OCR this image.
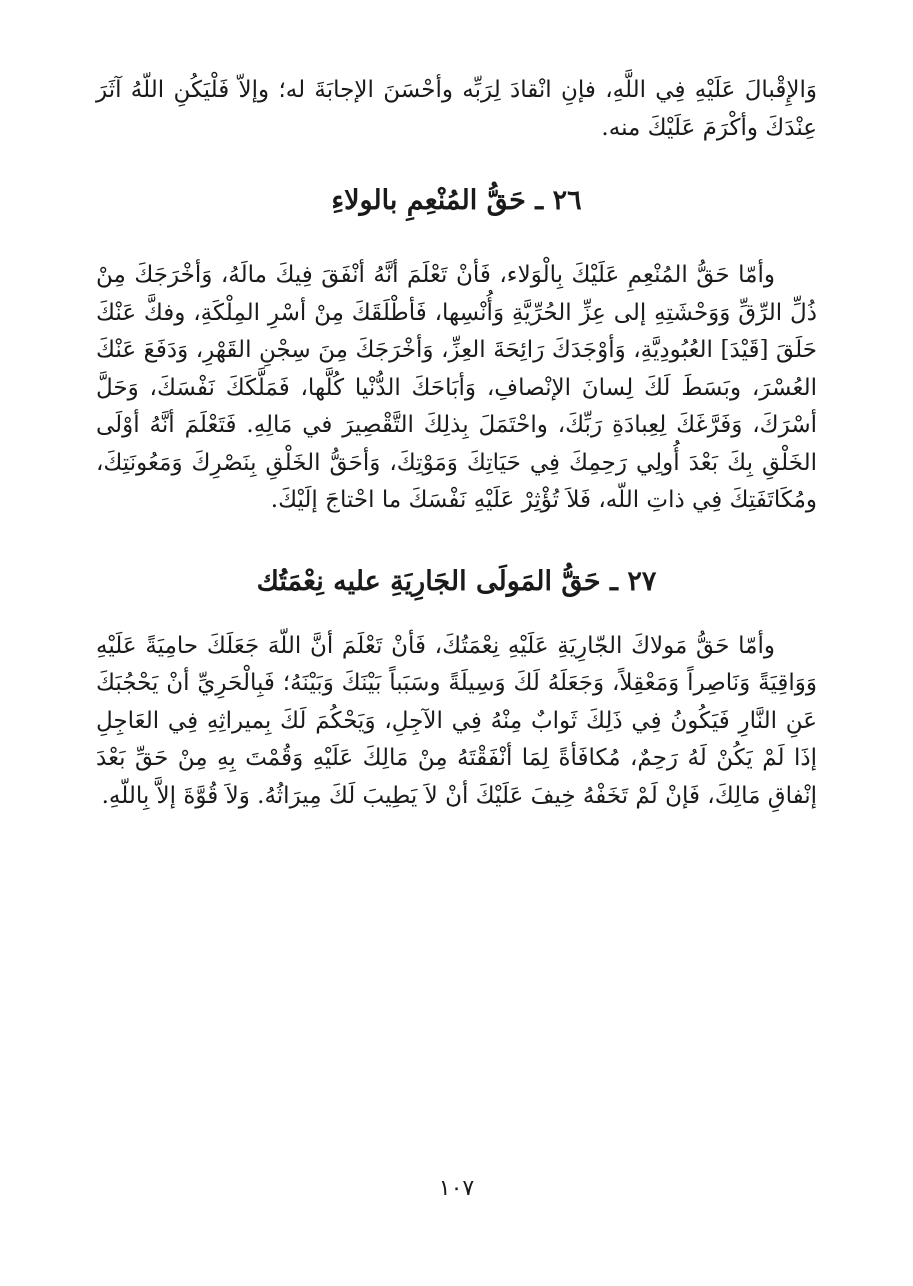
وَالإِقْبالَ عَلَيْهِ فِي اللَّهِ، فإنِ انْقادَ لِرَبِّه وأحْسَنَ الإجابَةَ له؛ وإلاّ فَلْيَكُنِ اللّهُ آثَرَ عِنْدَكَ وأكْرَمَ عَلَيْكَ منه.

٢٦ ـ حَقُّ المُنْعِمِ بالولاءِ

وأمّا حَقُّ المُنْعِمِ عَلَيْكَ بِالْوَلاء، فَأنْ تَعْلَمَ أنَّهُ أنْفَقَ فِيكَ مالَهُ، وَأخْرَجَكَ مِنْ ذُلِّ الرِّقِّ وَوَحْشَتِهِ إلى عِزِّ الحُرِّيَّةِ وَأُنْسِها، فَأطْلَقَكَ مِنْ أسْرِ المِلْكَةِ، وفكَّ عَنْكَ حَلَقَ [قَيْدَ] العُبُودِيَّةِ، وَأوْجَدَكَ رَائِحَةَ العِزِّ، وَأخْرَجَكَ مِنَ سِجْنِ القَهْرِ، وَدَفَعَ عَنْكَ العُسْرَ، وبَسَطَ لَكَ لِسانَ الإنْصافِ، وَأبَاحَكَ الدُّنْيا كُلَّها، فَمَلَّكَكَ نَفْسَكَ، وَحَلَّ أسْرَكَ، وَفَرَّغَكَ لِعِبادَةِ رَبِّكَ، واحْتَمَلَ بِذلِكَ التَّقْصِيرَ في مَالِهِ. فَتَعْلَمَ أنَّهُ أوْلَى الخَلْقِ بِكَ بَعْدَ أُولِي رَحِمِكَ فِي حَيَاتِكَ وَمَوْتِكَ، وَأحَقُّ الخَلْقِ بِنَصْرِكَ وَمَعُونَتِكَ، ومُكَاتَفَتِكَ فِي ذاتِ اللّه، فَلاَ تُؤْثِرْ عَلَيْهِ نَفْسَكَ ما احْتاجَ إلَيْكَ.

٢٧ ـ حَقُّ المَولَى الجَارِيَةِ عليه نِعْمَتُك

وأمّا حَقُّ مَولاكَ الجّارِيَةِ عَلَيْهِ نِعْمَتُكَ، فَأنْ تَعْلَمَ أنَّ اللّهَ جَعَلَكَ حامِيَةً عَلَيْهِ وَوَاقِيَةً وَنَاصِراً وَمَعْقِلاً، وَجَعَلَهُ لَكَ وَسِيلَةً وسَبَباً بَيْنَكَ وَبَيْنَهُ؛ فَبِالْحَرِيِّ أنْ يَحْجُبَكَ عَنِ النَّارِ فَيَكُونُ فِي ذَلِكَ ثَوابٌ مِنْهُ فِي الآجِلِ، وَيَحْكُمَ لَكَ بِميراثِهِ فِي العَاجِلِ إذَا لَمْ يَكُنْ لَهُ رَحِمٌ، مُكافَأةً لِمَا أنْفَقْتَهُ مِنْ مَالِكَ عَلَيْهِ وَقُمْتَ بِهِ مِنْ حَقِّ بَعْدَ إنْفاقِ مَالِكَ، فَإنْ لَمْ تَخَفْهُ خِيفَ عَلَيْكَ أنْ لاَ يَطِيبَ لَكَ مِيرَاثُهُ. وَلاَ قُوَّةَ إلاَّ بِاللّهِ.

١٠٧
